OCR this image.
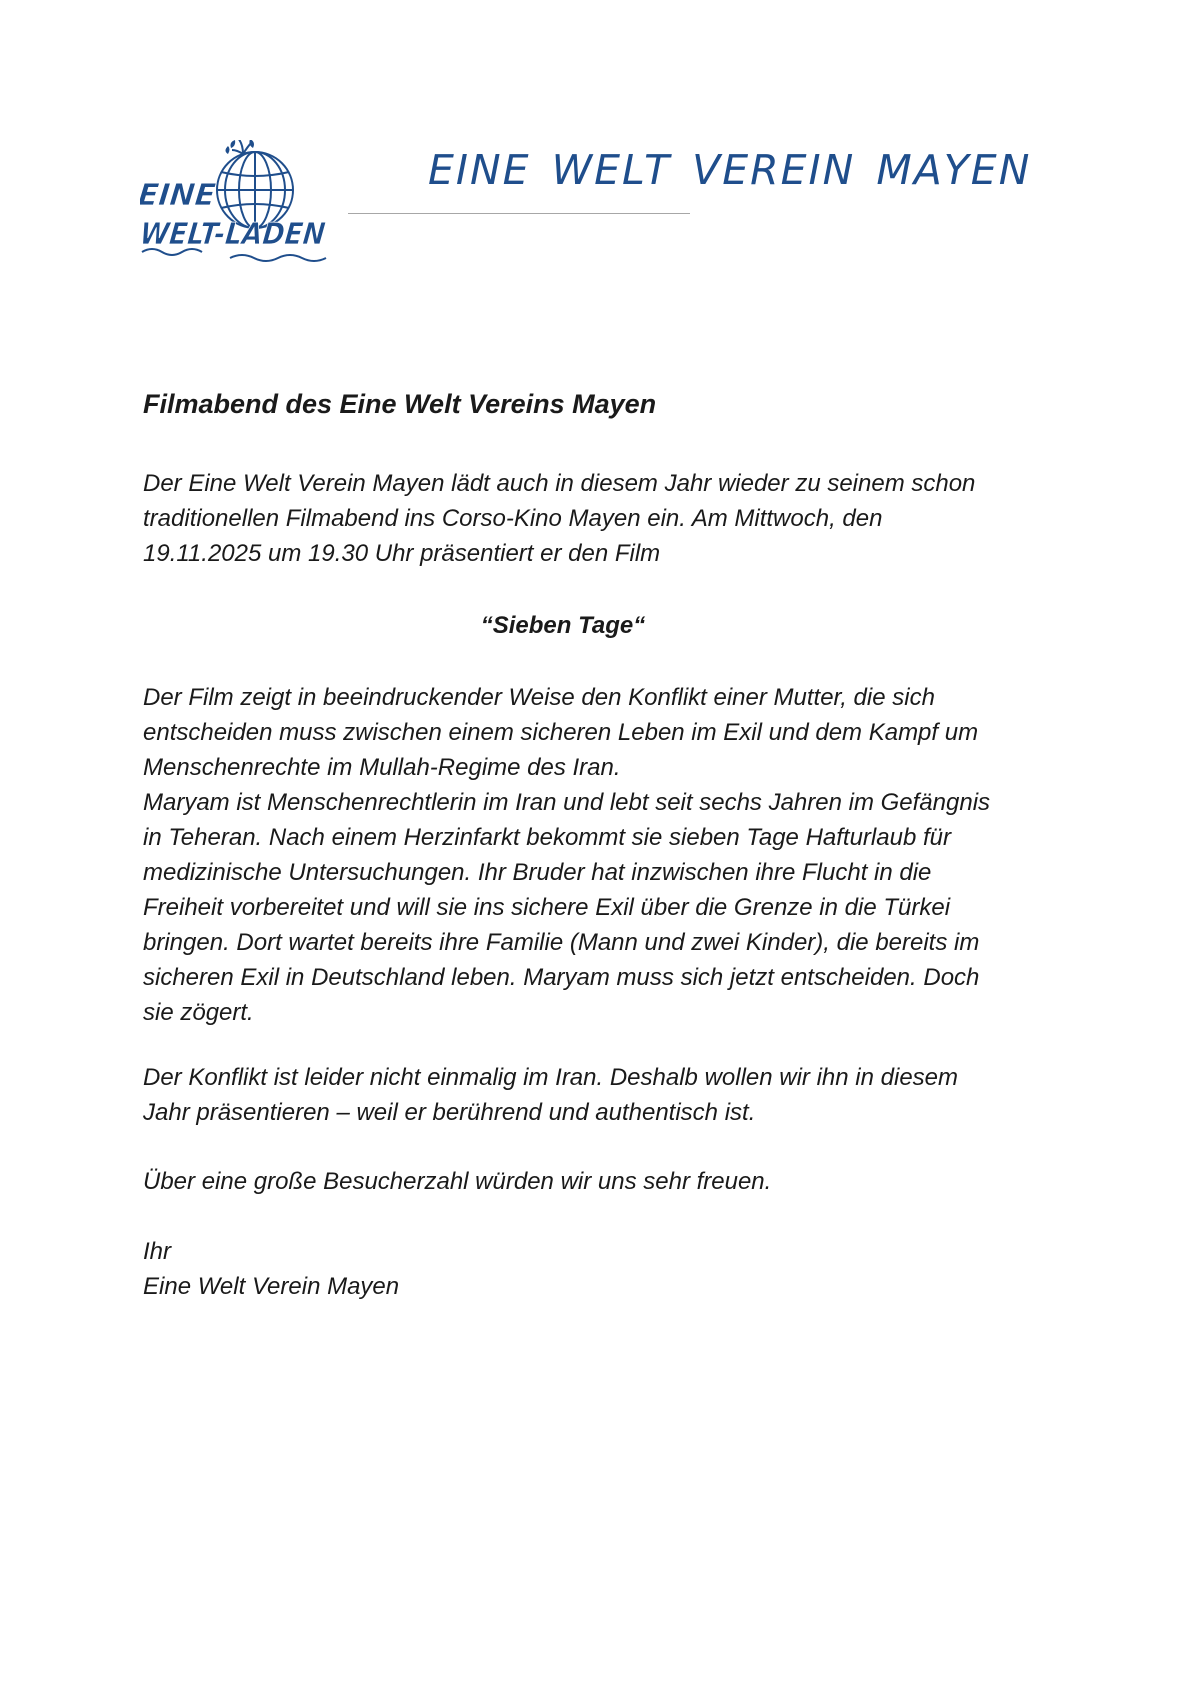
EINE
WELT-LADEN
EINE WELT VEREIN MAYEN
Filmabend des Eine Welt Vereins Mayen

Der Eine Welt Verein Mayen lädt auch in diesem Jahr wieder zu seinem schon
traditionellen Filmabend ins Corso-Kino Mayen ein. Am Mittwoch, den
19.11.2025 um 19.30 Uhr präsentiert er den Film

“Sieben Tage“

Der Film zeigt in beeindruckender Weise den Konflikt einer Mutter, die sich
entscheiden muss zwischen einem sicheren Leben im Exil und dem Kampf um
Menschenrechte im Mullah-Regime des Iran.
Maryam ist Menschenrechtlerin im Iran und lebt seit sechs Jahren im Gefängnis
in Teheran. Nach einem Herzinfarkt bekommt sie sieben Tage Hafturlaub für
medizinische Untersuchungen. Ihr Bruder hat inzwischen ihre Flucht in die
Freiheit vorbereitet und will sie ins sichere Exil über die Grenze in die Türkei
bringen. Dort wartet bereits ihre Familie (Mann und zwei Kinder), die bereits im
sicheren Exil in Deutschland leben. Maryam muss sich jetzt entscheiden. Doch
sie zögert.

Der Konflikt ist leider nicht einmalig im Iran. Deshalb wollen wir ihn in diesem
Jahr präsentieren – weil er berührend und authentisch ist.

Über eine große Besucherzahl würden wir uns sehr freuen.

Ihr
Eine Welt Verein Mayen
